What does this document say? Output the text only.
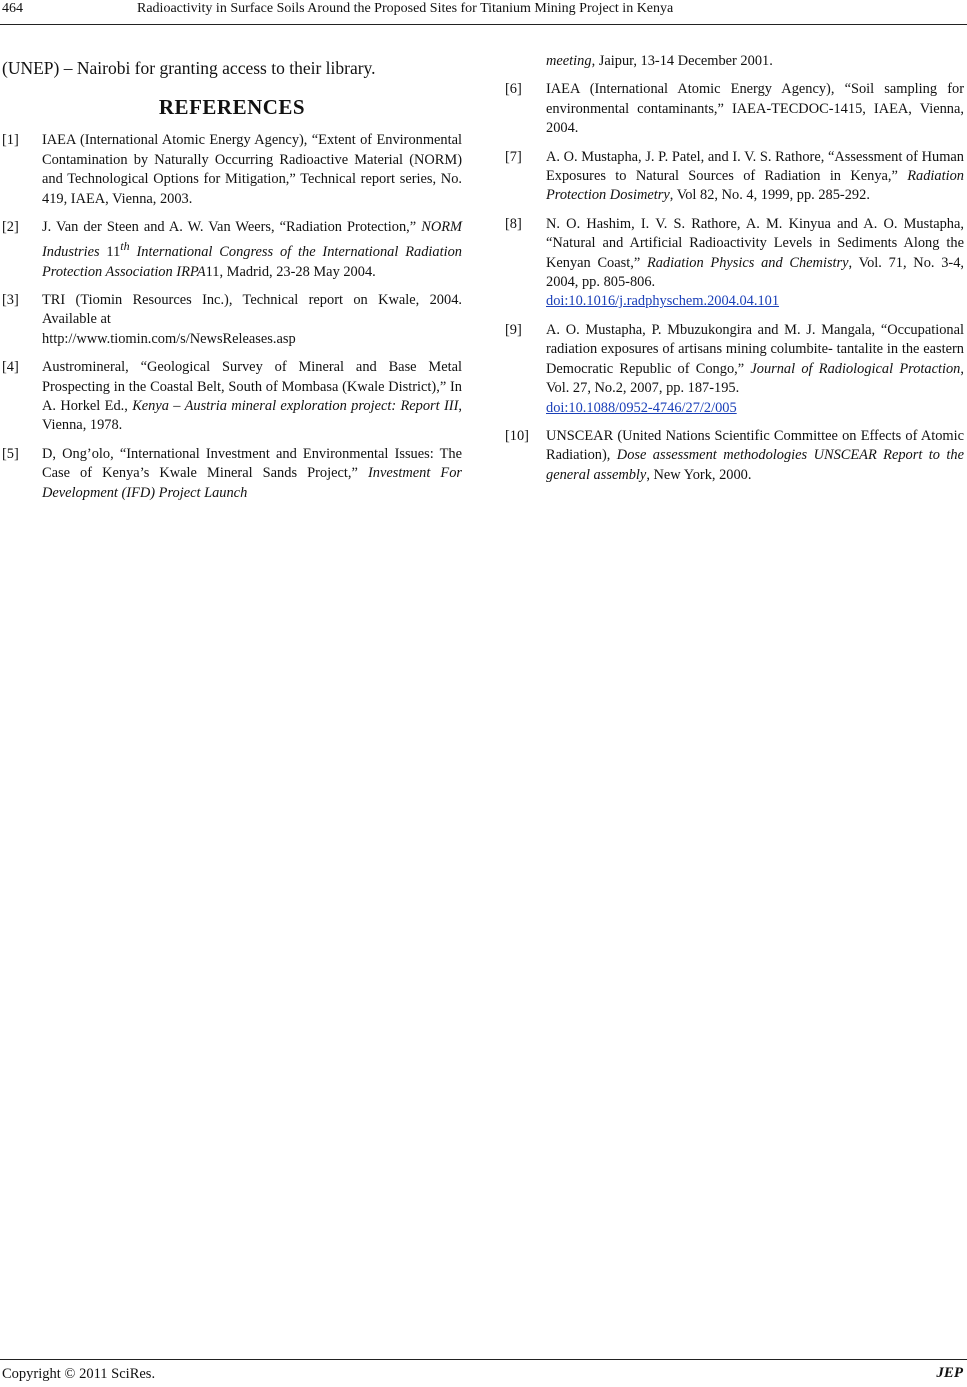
464	Radioactivity in Surface Soils Around the Proposed Sites for Titanium Mining Project in Kenya

(UNEP) – Nairobi for granting access to their library.

REFERENCES
[1]	IAEA (International Atomic Energy Agency), “Extent of Environmental Contamination by Naturally Occurring Radioactive Material (NORM) and Technological Options for Mitigation,” Technical report series, No. 419, IAEA, Vienna, 2003.
[2]	J. Van der Steen and A. W. Van Weers, “Radiation Protection,” NORM Industries 11th International Congress of the International Radiation Protection Association IRPA11, Madrid, 23-28 May 2004.
[3]	TRI (Tiomin Resources Inc.), Technical report on Kwale, 2004. Available at
http://www.tiomin.com/s/NewsReleases.asp
[4]	Austromineral, “Geological Survey of Mineral and Base Metal Prospecting in the Coastal Belt, South of Mombasa (Kwale District),” In A. Horkel Ed., Kenya – Austria mineral exploration project: Report III, Vienna, 1978.
[5]	D, Ong’olo, “International Investment and Environmental Issues: The Case of Kenya’s Kwale Mineral Sands Project,” Investment For Development (IFD) Project Launch
meeting, Jaipur, 13-14 December 2001.
[6]	IAEA (International Atomic Energy Agency), “Soil sampling for environmental contaminants,” IAEA-TECDOC-1415, IAEA, Vienna, 2004.
[7]	A. O. Mustapha, J. P. Patel, and I. V. S. Rathore, “Assessment of Human Exposures to Natural Sources of Radiation in Kenya,” Radiation Protection Dosimetry, Vol 82, No. 4, 1999, pp. 285-292.
[8]	N. O. Hashim, I. V. S. Rathore, A. M. Kinyua and A. O. Mustapha, “Natural and Artificial Radioactivity Levels in Sediments Along the Kenyan Coast,” Radiation Physics and Chemistry, Vol. 71, No. 3-4, 2004, pp. 805-806.
doi:10.1016/j.radphyschem.2004.04.101
[9]	A. O. Mustapha, P. Mbuzukongira and M. J. Mangala, “Occupational radiation exposures of artisans mining columbite- tantalite in the eastern Democratic Republic of Congo,” Journal of Radiological Protaction, Vol. 27, No.2, 2007, pp. 187-195.
doi:10.1088/0952-4746/27/2/005
[10]	UNSCEAR (United Nations Scientific Committee on Effects of Atomic Radiation), Dose assessment methodologies UNSCEAR Report to the general assembly, New York, 2000.
Copyright © 2011 SciRes.	JEP
